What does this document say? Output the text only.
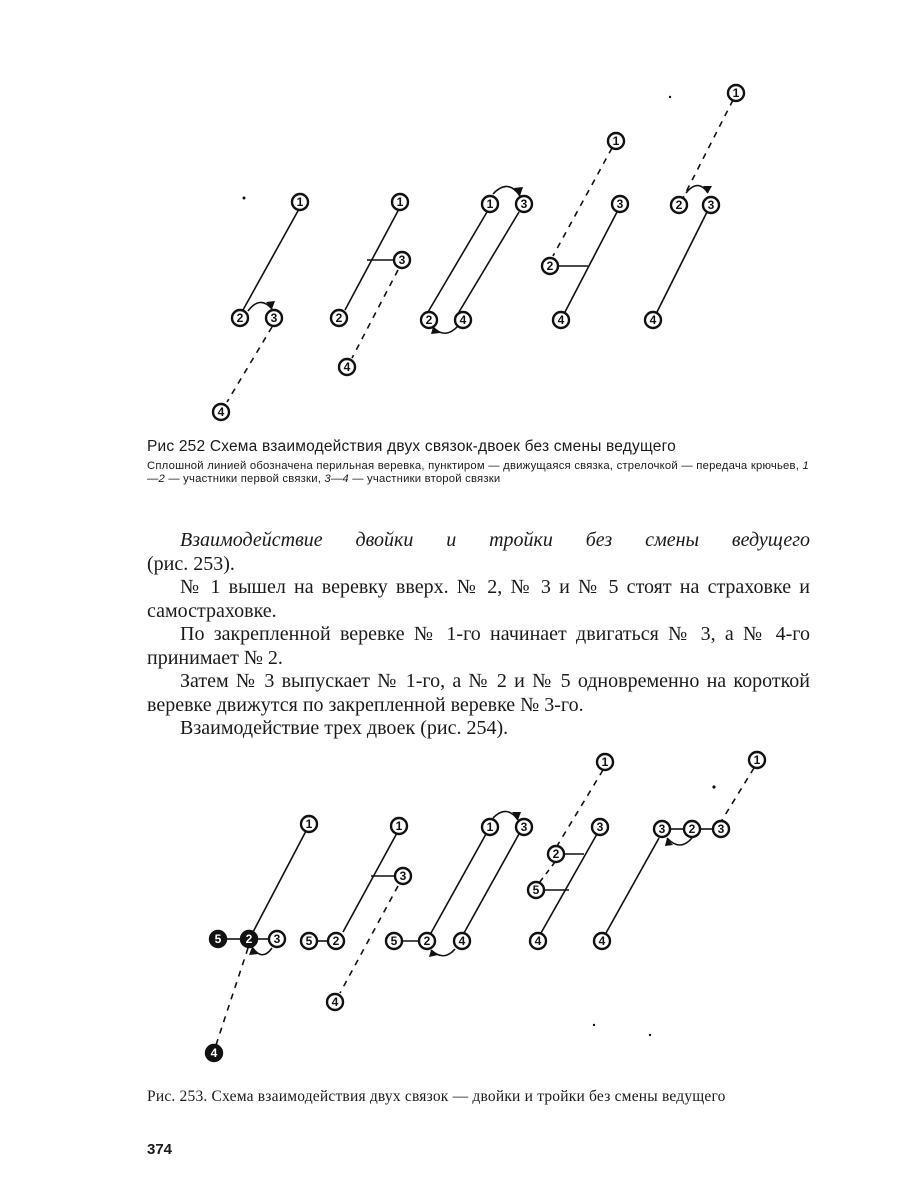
1
2 3
4
1
3
2
4
1 3
2 4
1
3
2
4
1
2 3
4
Рис 252 Схема взаимодействия двух связок-двоек без смены ведущего
Сплошной линией обозначена перильная веревка, пунктиром — движущаяся связка, стрелочкой — передача крючьев, 1—2 — участники первой связки, 3—4 — участники второй связки

Взаимодействие двойки и тройки без смены ведущего (рис. 253).

№ 1 вышел на веревку вверх. № 2, № 3 и № 5 стоят на страховке и самостраховке.

По закрепленной веревке № 1-го начинает двигаться № 3, а № 4-го принимает № 2.

Затем № 3 выпускает № 1-го, а № 2 и № 5 одновременно на короткой веревке движутся по закрепленной веревке № 3-го.

Взаимодействие трех двоек (рис. 254).

1
5 2 3
4
1
3
5 2
4
1 3
5 2 4
1
3
2
5
4
1
3 2 3
4
Рис. 253. Схема взаимодействия двух связок — двойки и тройки без смены ведущего
374
